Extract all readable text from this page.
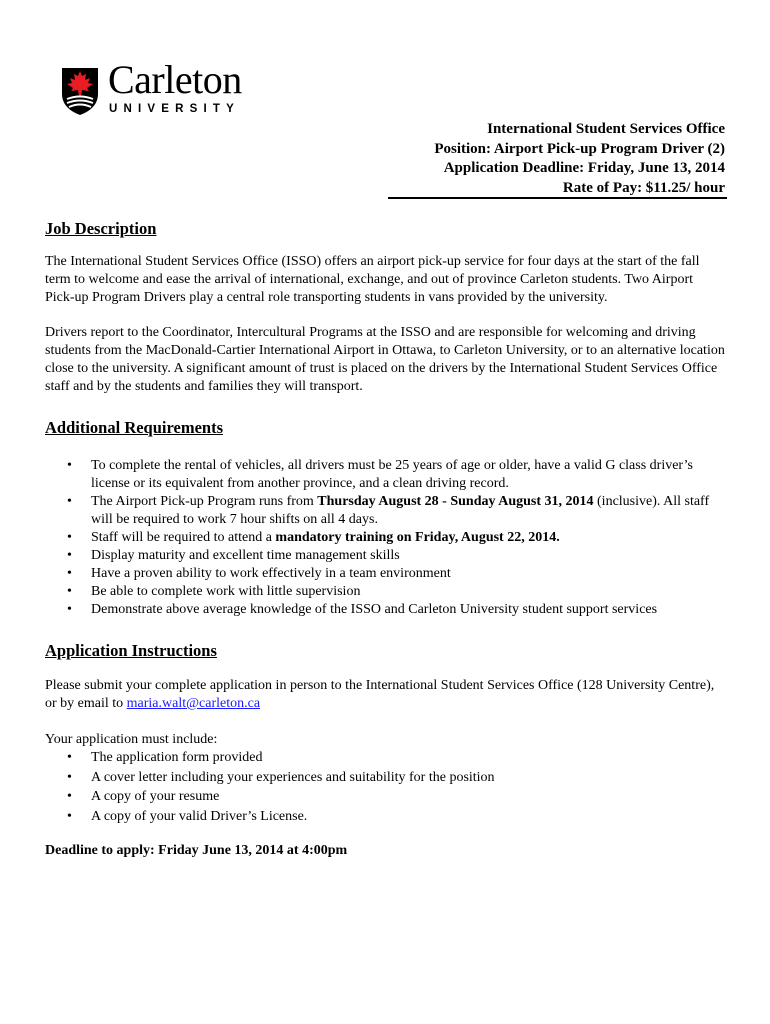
Carleton
UNIVERSITY
International Student Services Office
Position: Airport Pick-up Program Driver (2)
Application Deadline: Friday, June 13, 2014
Rate of Pay: $11.25/ hour
Job Description

The International Student Services Office (ISSO) offers an airport pick-up service for four days at the start of the fall term to welcome and ease the arrival of international, exchange, and out of province Carleton students. Two Airport Pick-up Program Drivers play a central role transporting students in vans provided by the university.

Drivers report to the Coordinator, Intercultural Programs at the ISSO and are responsible for welcoming and driving students from the MacDonald-Cartier International Airport in Ottawa, to Carleton University, or to an alternative location close to the university. A significant amount of trust is placed on the drivers by the International Student Services Office staff and by the students and families they will transport.

Additional Requirements
• To complete the rental of vehicles, all drivers must be 25 years of age or older, have a valid G class driver’s license or its equivalent from another province, and a clean driving record.
• The Airport Pick-up Program runs from Thursday August 28 - Sunday August 31, 2014 (inclusive). All staff will be required to work 7 hour shifts on all 4 days.
• Staff will be required to attend a mandatory training on Friday, August 22, 2014.
• Display maturity and excellent time management skills
• Have a proven ability to work effectively in a team environment
• Be able to complete work with little supervision
• Demonstrate above average knowledge of the ISSO and Carleton University student support services
Application Instructions

Please submit your complete application in person to the International Student Services Office (128 University Centre), or by email to maria.walt@carleton.ca

Your application must include:
• The application form provided
• A cover letter including your experiences and suitability for the position
• A copy of your resume
• A copy of your valid Driver’s License.
Deadline to apply: Friday June 13, 2014 at 4:00pm
